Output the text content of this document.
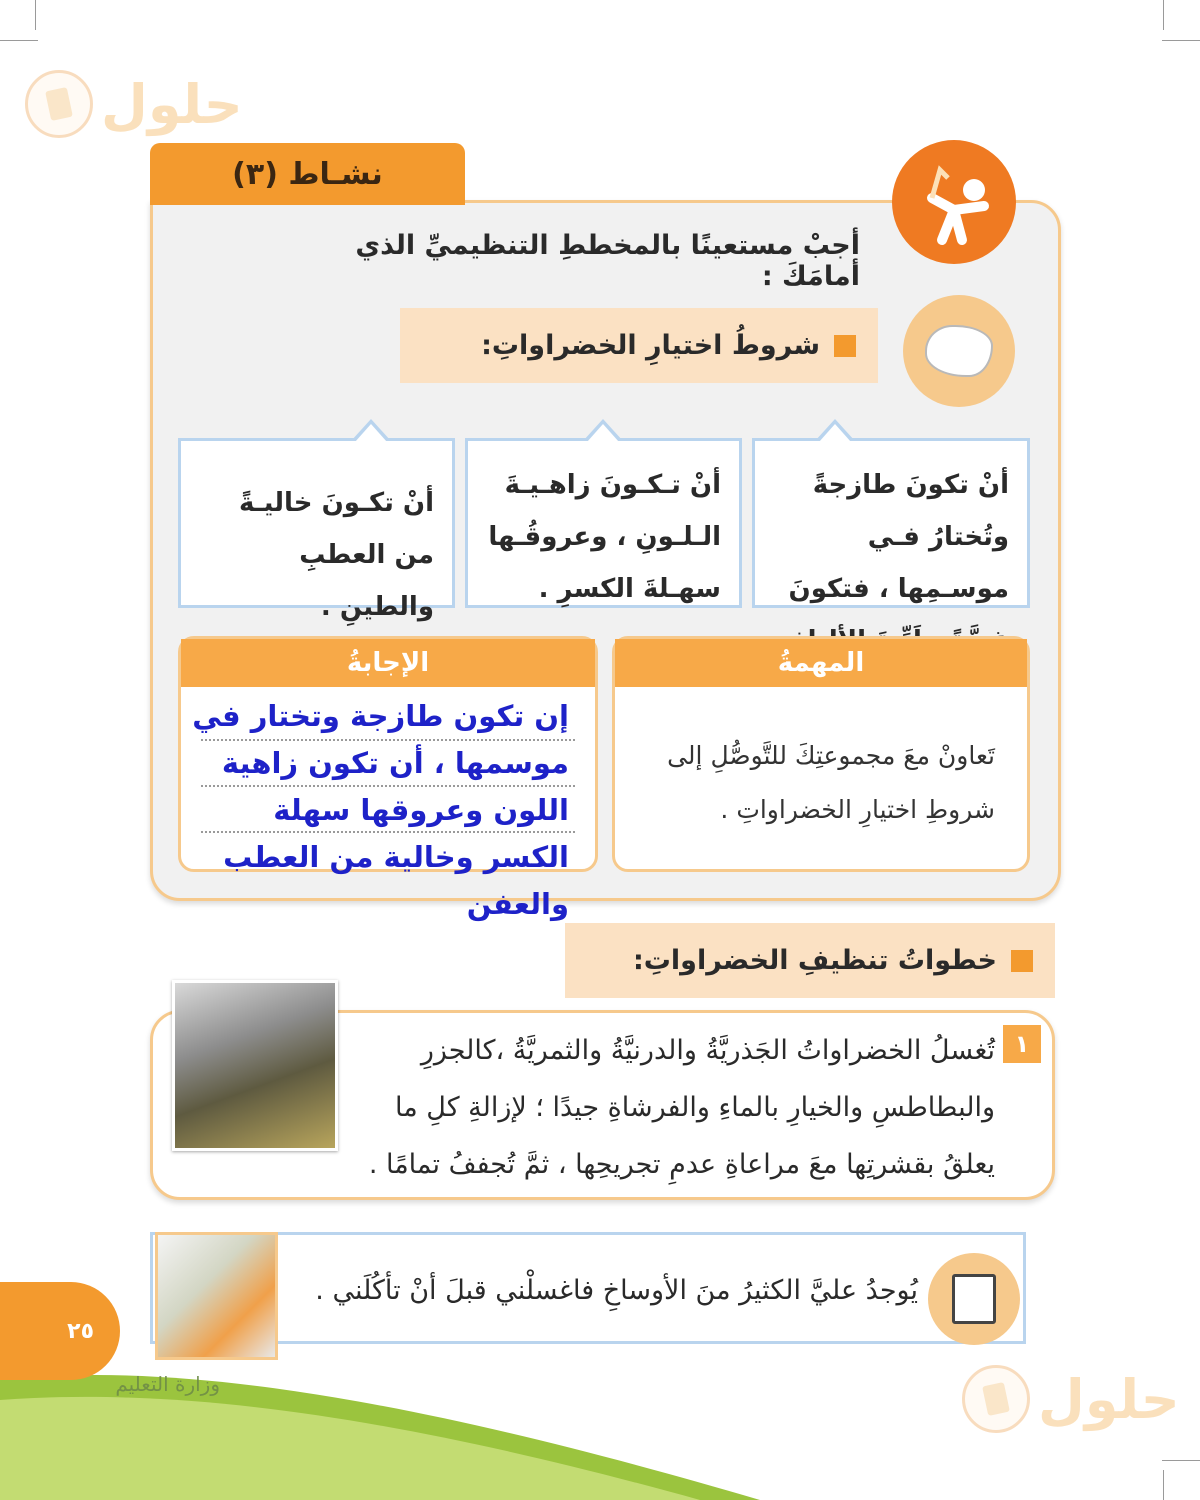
حلول
حلول
نشـاط (٣)
أجبْ مستعينًا بالمخططِ التنظيميِّ الذي أمامَكَ :
شروطُ اختيارِ الخضراواتِ:
أنْ تكونَ طازجةً وتُختارُ فـي موسـمِها ، فتكونَ
أنْ تـكـونَ زاهـيـةَ الـلـونِ ، وعروقُـها سهـلةَ الكسرِ .
أنْ تكـونَ خاليـةً من العطبِ والطينِ .
المهمةُ
تَعاونْ معَ مجموعتِكَ للتَّوصُّلِ إلى شروطِ اختيارِ الخضراواتِ .
الإجابةُ
إن تكون طازجة وتختار في موسمها ، أن تكون زاهية اللون وعروقها سهلة الكسر وخالية من العطب والعفن
خطواتُ تنظيفِ الخضراواتِ:
١
تُغسلُ الخضراواتُ الجَذريَّةُ والدرنيَّةُ والثمريَّةُ ،كالجزرِ والبطاطسِ والخيارِ بالماءِ والفرشاةِ جيدًا ؛ لإزالةِ كلِ ما يعلقُ بقشرتِها معَ مراعاةِ عدمِ تجريحِها ، ثمَّ تُجففُ تمامًا .
يُوجدُ عليَّ الكثيرُ منَ الأوساخِ فاغسلْني قبلَ أنْ تأكُلَني .
٢٥
وزارة التعليم
